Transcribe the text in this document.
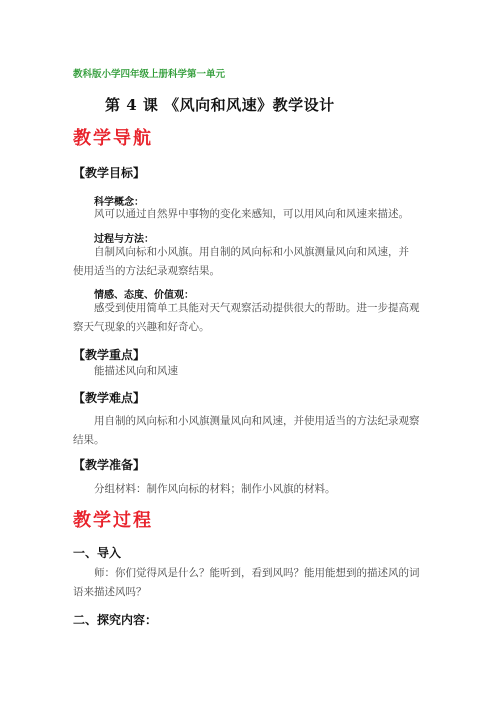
教科版小学四年级上册科学第一单元
第 4 课 《风向和风速》教学设计
教学导航
【教学目标】
科学概念：
风可以通过自然界中事物的变化来感知，可以用风向和风速来描述。
过程与方法：
自制风向标和小风旗。用自制的风向标和小风旗测量风向和风速，并使用适当的方法纪录观察结果。
情感、态度、价值观：
感受到使用简单工具能对天气观察活动提供很大的帮助。进一步提高观察天气现象的兴趣和好奇心。
【教学重点】
能描述风向和风速
【教学难点】
用自制的风向标和小风旗测量风向和风速，并使用适当的方法纪录观察结果。
【教学准备】
分组材料：制作风向标的材料；制作小风旗的材料。
教学过程
一、导入
师：你们觉得风是什么？能听到，看到风吗？能用能想到的描述风的词语来描述风吗？
二、探究内容：
